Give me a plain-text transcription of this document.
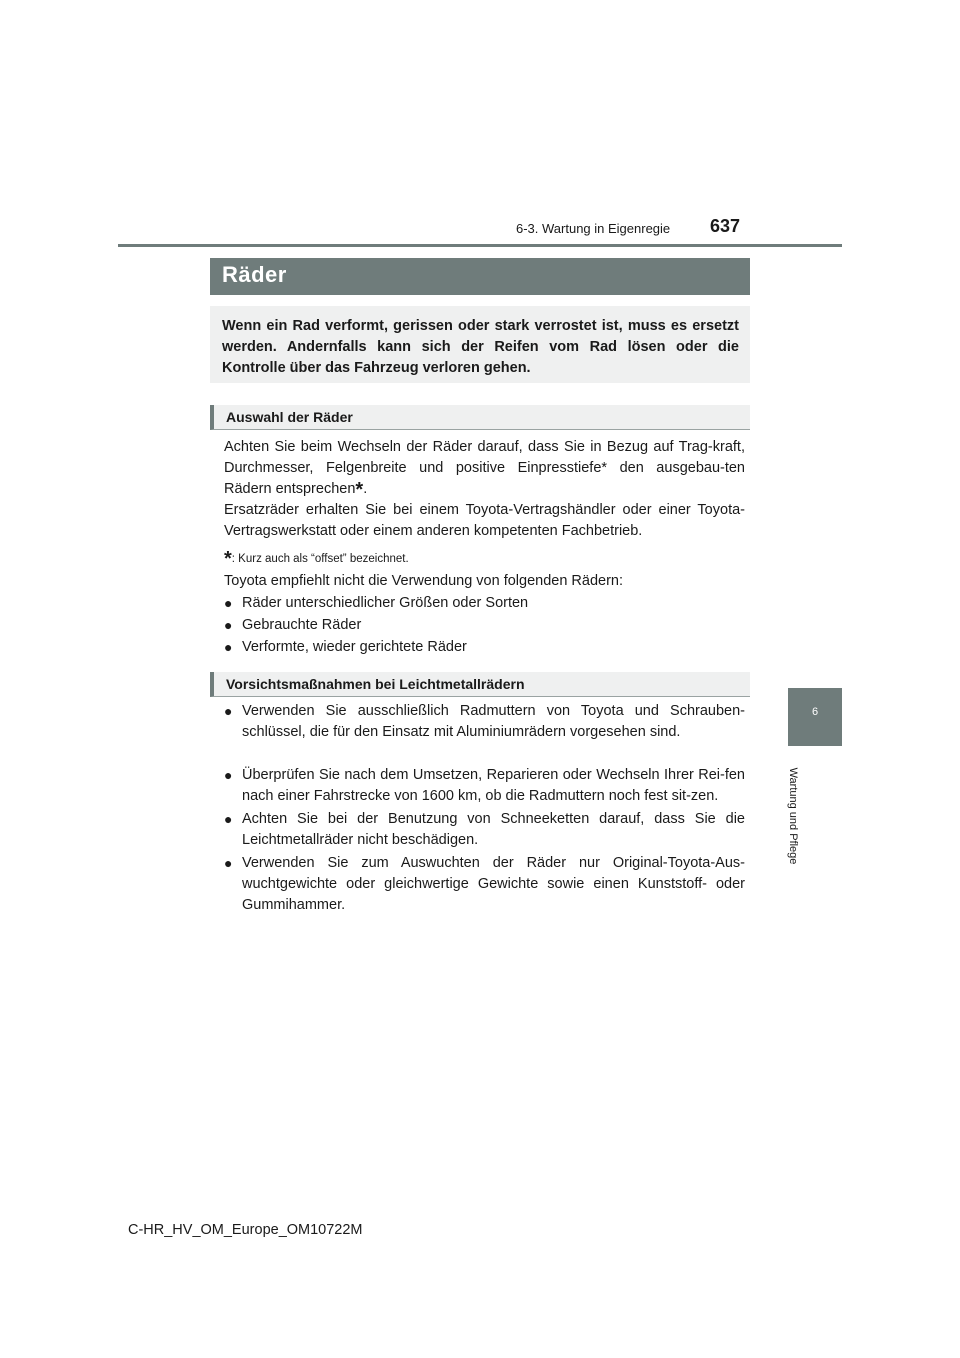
6-3. Wartung in Eigenregie 637
6
Wartung und Pflege
Räder
Wenn ein Rad verformt, gerissen oder stark verrostet ist, muss es ersetzt werden. Andernfalls kann sich der Reifen vom Rad lösen oder die Kontrolle über das Fahrzeug verloren gehen.
Auswahl der Räder
Achten Sie beim Wechseln der Räder darauf, dass Sie in Bezug auf Trag-kraft, Durchmesser, Felgenbreite und positive Einpresstiefe* den ausgebau-ten Rädern entsprechen*.
Ersatzräder erhalten Sie bei einem Toyota-Vertragshändler oder einer Toyota-Vertragswerkstatt oder einem anderen kompetenten Fachbetrieb.
*: Kurz auch als “offset” bezeichnet.
Toyota empfiehlt nicht die Verwendung von folgenden Rädern:
● Räder unterschiedlicher Größen oder Sorten
● Gebrauchte Räder
● Verformte, wieder gerichtete Räder
Vorsichtsmaßnahmen bei Leichtmetallrädern
● Verwenden Sie ausschließlich Radmuttern von Toyota und Schrauben-schlüssel, die für den Einsatz mit Aluminiumrädern vorgesehen sind.
● Überprüfen Sie nach dem Umsetzen, Reparieren oder Wechseln Ihrer Rei-fen nach einer Fahrstrecke von 1600 km, ob die Radmuttern noch fest sit-zen.
● Achten Sie bei der Benutzung von Schneeketten darauf, dass Sie die Leichtmetallräder nicht beschädigen.
● Verwenden Sie zum Auswuchten der Räder nur Original-Toyota-Aus-wuchtgewichte oder gleichwertige Gewichte sowie einen Kunststoff- oder Gummihammer.
C-HR_HV_OM_Europe_OM10722M
